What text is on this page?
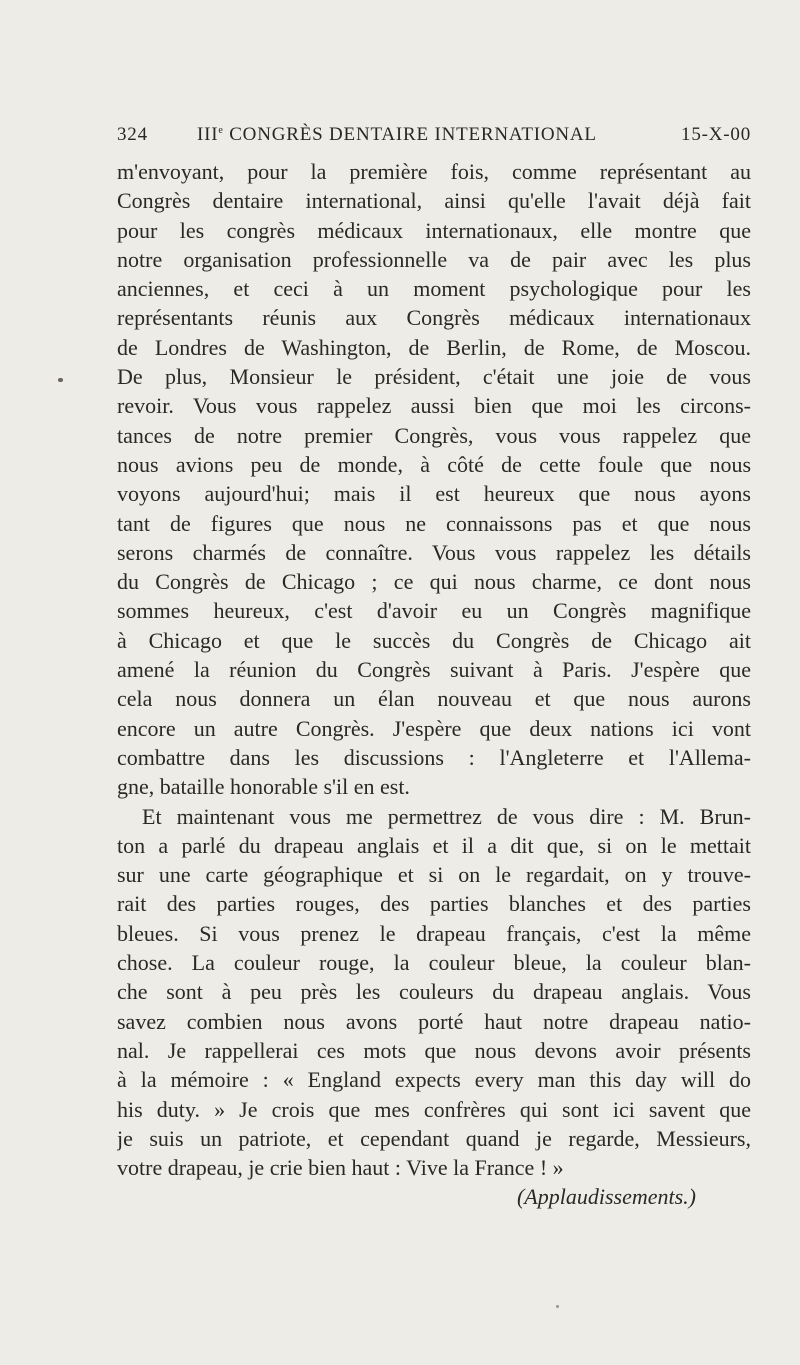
324	IIIe CONGRÈS DENTAIRE INTERNATIONAL	15-X-00
m'envoyant, pour la première fois, comme représentant au
Congrès dentaire international, ainsi qu'elle l'avait déjà fait
pour les congrès médicaux internationaux, elle montre que
notre organisation professionnelle va de pair avec les plus
anciennes, et ceci à un moment psychologique pour les
représentants réunis aux Congrès médicaux internationaux
de Londres de Washington, de Berlin, de Rome, de Moscou.
De plus, Monsieur le président, c'était une joie de vous
revoir. Vous vous rappelez aussi bien que moi les circons-
tances de notre premier Congrès, vous vous rappelez que
nous avions peu de monde, à côté de cette foule que nous
voyons aujourd'hui; mais il est heureux que nous ayons
tant de figures que nous ne connaissons pas et que nous
serons charmés de connaître. Vous vous rappelez les détails
du Congrès de Chicago ; ce qui nous charme, ce dont nous
sommes heureux, c'est d'avoir eu un Congrès magnifique
à Chicago et que le succès du Congrès de Chicago ait
amené la réunion du Congrès suivant à Paris. J'espère que
cela nous donnera un élan nouveau et que nous aurons
encore un autre Congrès. J'espère que deux nations ici vont
combattre dans les discussions : l'Angleterre et l'Allema-
gne, bataille honorable s'il en est.
Et maintenant vous me permettrez de vous dire : M. Brun-
ton a parlé du drapeau anglais et il a dit que, si on le mettait
sur une carte géographique et si on le regardait, on y trouve-
rait des parties rouges, des parties blanches et des parties
bleues. Si vous prenez le drapeau français, c'est la même
chose. La couleur rouge, la couleur bleue, la couleur blan-
che sont à peu près les couleurs du drapeau anglais. Vous
savez combien nous avons porté haut notre drapeau natio-
nal. Je rappellerai ces mots que nous devons avoir présents
à la mémoire : « England expects every man this day will do
his duty. » Je crois que mes confrères qui sont ici savent que
je suis un patriote, et cependant quand je regarde, Messieurs,
votre drapeau, je crie bien haut : Vive la France ! »
(Applaudissements.)
